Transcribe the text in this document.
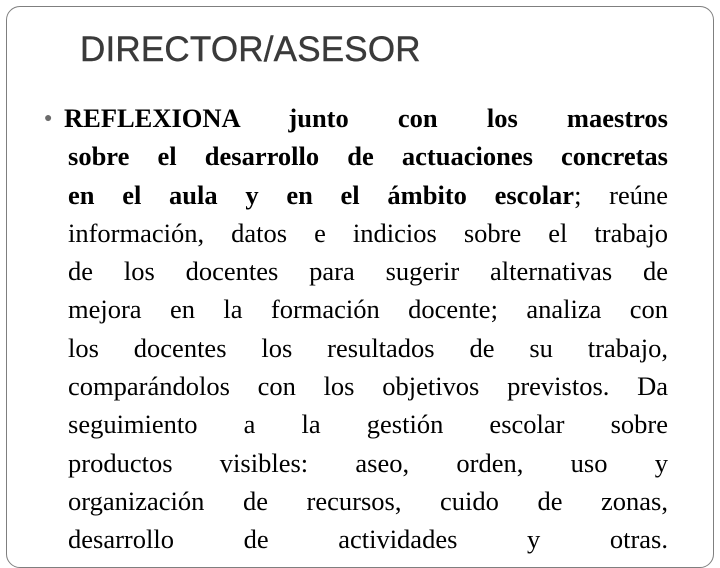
DIRECTOR/ASESOR
● REFLEXIONA junto con los maestros
sobre el desarrollo de actuaciones concretas
en el aula y en el ámbito escolar; reúne
información, datos e indicios sobre el trabajo
de los docentes para sugerir alternativas de
mejora en la formación docente; analiza con
los docentes los resultados de su trabajo,
comparándolos con los objetivos previstos. Da
seguimiento a la gestión escolar sobre
productos visibles: aseo, orden, uso y
organización de recursos, cuido de zonas,
desarrollo de actividades y otras.
